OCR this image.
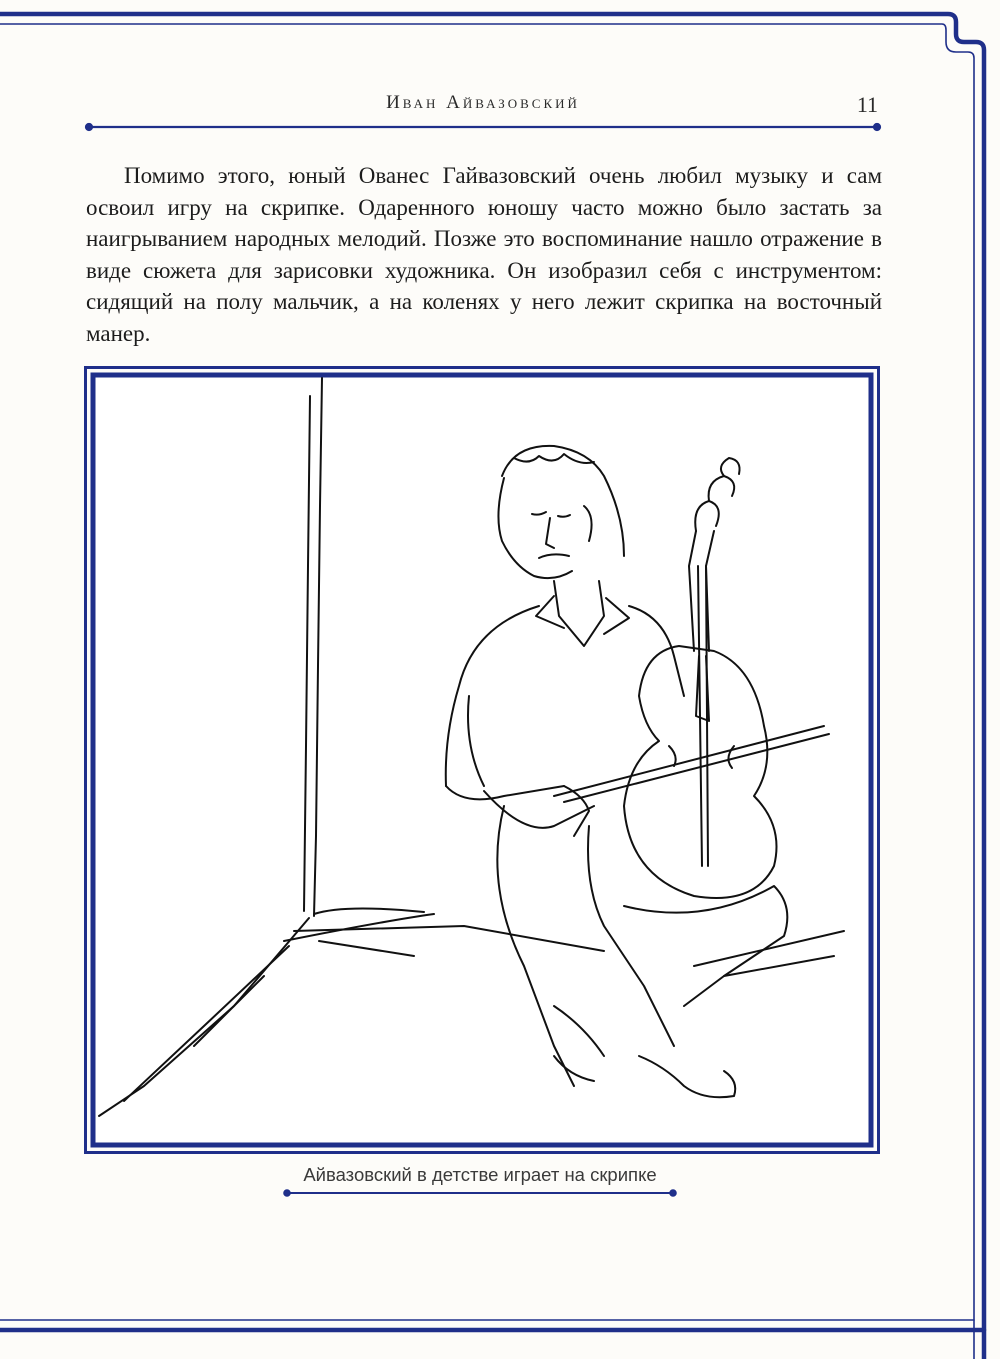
Иван Айвазовский	11

Помимо этого, юный Ованес Гайвазовский очень любил музыку и сам освоил игру на скрипке. Одаренного юношу часто можно было застать за наигрыванием народных мелодий. Позже это воспоминание нашло отражение в виде сюжета для зарисовки художника. Он изобразил себя с инструментом: сидящий на полу мальчик, а на коленях у него лежит скрипка на восточный манер.

Айвазовский в детстве играет на скрипке
